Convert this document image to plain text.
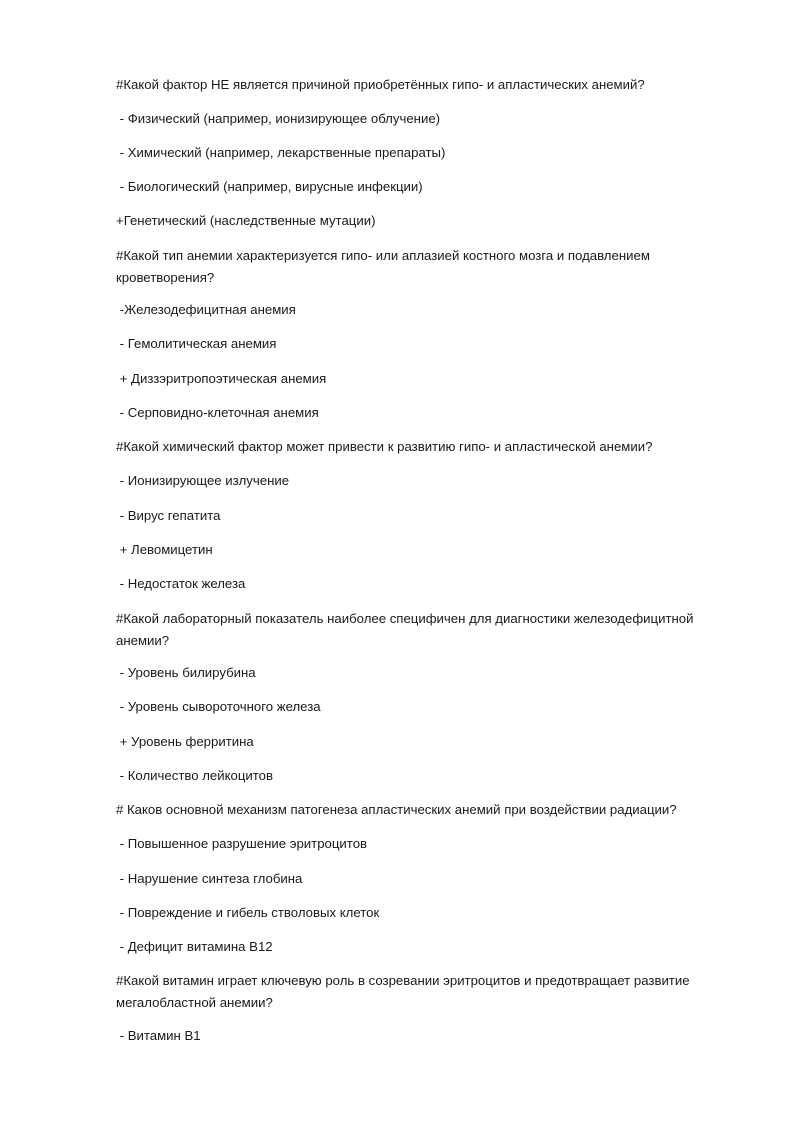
#Какой фактор НЕ является причиной приобретённых гипо- и апластических анемий?
- Физический (например, ионизирующее облучение)
- Химический (например, лекарственные препараты)
- Биологический (например, вирусные инфекции)
+Генетический (наследственные мутации)
#Какой тип анемии характеризуется гипо- или аплазией костного мозга и подавлением кроветворения?
-Железодефицитная анемия
- Гемолитическая анемия
+ Диззэритропоэтическая анемия
- Серповидно-клеточная анемия
#Какой химический фактор может привести к развитию гипо- и апластической анемии?
- Ионизирующее излучение
- Вирус гепатита
+ Левомицетин
- Недостаток железа
#Какой лабораторный показатель наиболее специфичен для диагностики железодефицитной анемии?
- Уровень билирубина
- Уровень сывороточного железа
+ Уровень ферритина
- Количество лейкоцитов
# Каков основной механизм патогенеза апластических анемий при воздействии радиации?
- Повышенное разрушение эритроцитов
- Нарушение синтеза глобина
- Повреждение и гибель стволовых клеток
- Дефицит витамина В12
#Какой витамин играет ключевую роль в созревании эритроцитов и предотвращает развитие мегалобластной анемии?
- Витамин В1
